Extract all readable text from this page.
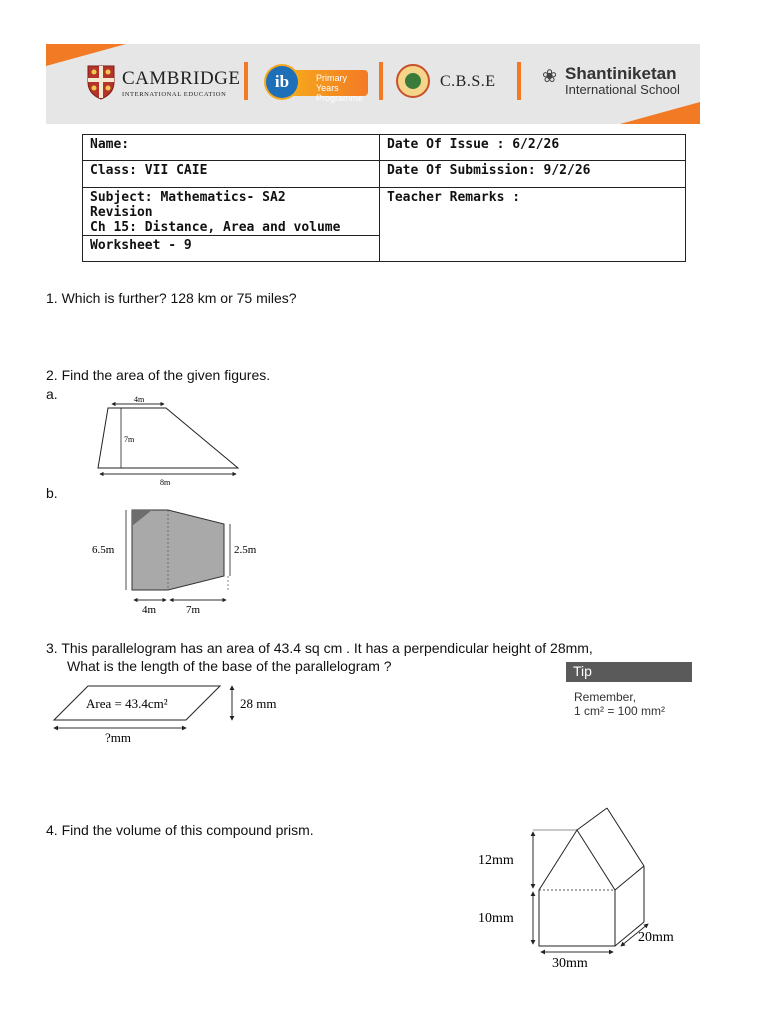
CAMBRIDGE
INTERNATIONAL EDUCATION
Primary Years
Programme
ib	C.B.S.E	❀ Shantiniketan
International School
Name:	Date Of Issue : 6/2/26
Class: VII CAIE	Date Of Submission: 9/2/26

Subject: Mathematics- SA2
Revision
Ch 15: Distance, Area and volume	Teacher Remarks :
Worksheet - 9	
1. Which is further? 128 km or 75 miles?
2. Find the area of the given figures.
a.	4m
7m
8m
b.
6.5m	2.5m
4m	7m
3. This parallelogram has an area of 43.4 sq cm . It has a perpendicular height of 28mm,
What is the length of the base of the parallelogram ?
Area = 43.4cm²	28 mm
?mm
Tip
Remember,
1 cm² = 100 mm²
4. Find the volume of this compound prism.
12mm
10mm
20mm
30mm
